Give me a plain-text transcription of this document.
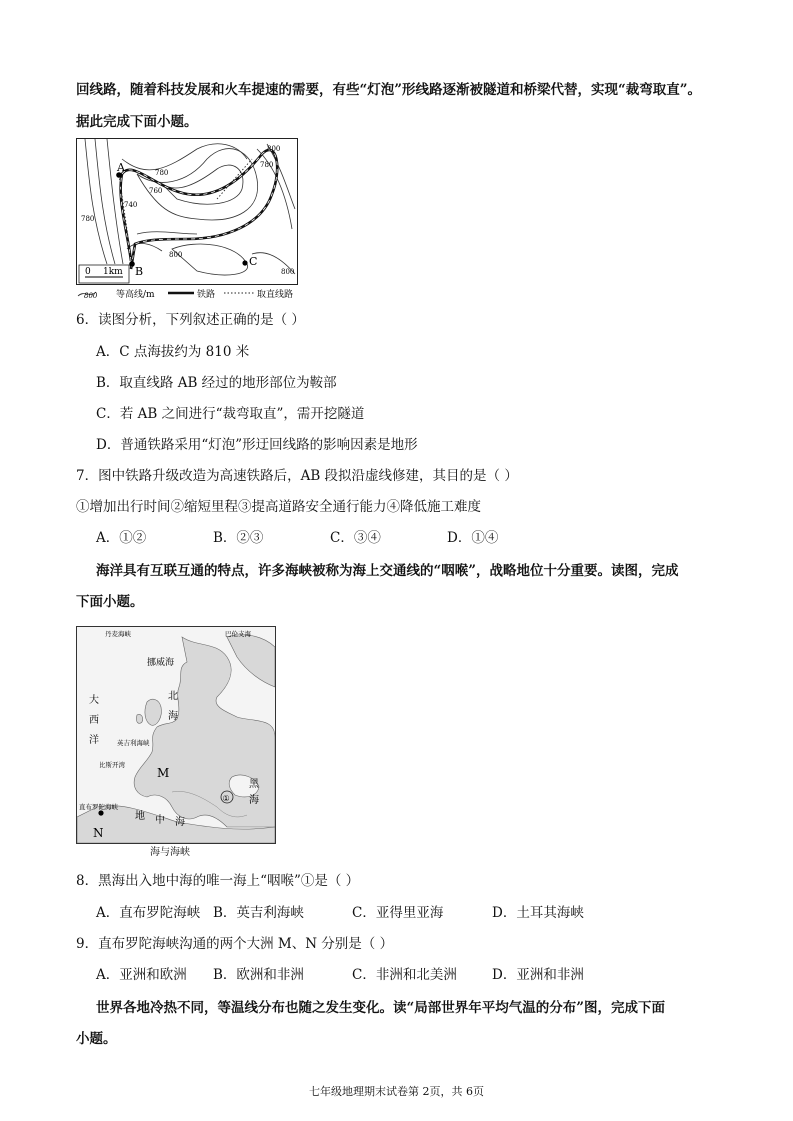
回线路，随着科技发展和火车提速的需要，有些“灯泡”形线路逐渐被隧道和桥梁代替，实现“裁弯取直”。
据此完成下面小题。
A
B
C
800
780
780
760
740
780
800
800
0 1km
800 等高线/m	铁路	取直线路
6．读图分析，下列叙述正确的是（ ）
A．C 点海拔约为 810 米
B．取直线路 AB 经过的地形部位为鞍部
C．若 AB 之间进行“裁弯取直”，需开挖隧道
D．普通铁路采用“灯泡”形迂回线路的影响因素是地形
7．图中铁路升级改造为高速铁路后，AB 段拟沿虚线修建，其目的是（ ）
①增加出行时间②缩短里程③提高道路安全通行能力④降低施工难度
A．①②	B．②③	C．③④	D．①④
海洋具有互联互通的特点，许多海峡被称为海上交通线的“咽喉”，战略地位十分重要。读图，完成
下面小题。
丹麦海峡	巴伦支海
挪威海
大
西
洋
北
海
英吉利海峡
比斯开湾
M
直布罗陀海峡
地 中 海
黑
海
①
N
海与海峡
8．黑海出入地中海的唯一海上“咽喉”①是（ ）
A．直布罗陀海峡 B．英吉利海峡	C．亚得里亚海	D．土耳其海峡
9．直布罗陀海峡沟通的两个大洲 M、N 分别是（ ）
A．亚洲和欧洲 B．欧洲和非洲	C．非洲和北美洲	D．亚洲和非洲
世界各地冷热不同，等温线分布也随之发生变化。读“局部世界年平均气温的分布”图，完成下面
小题。
七年级地理期末试卷第 2页，共 6页
